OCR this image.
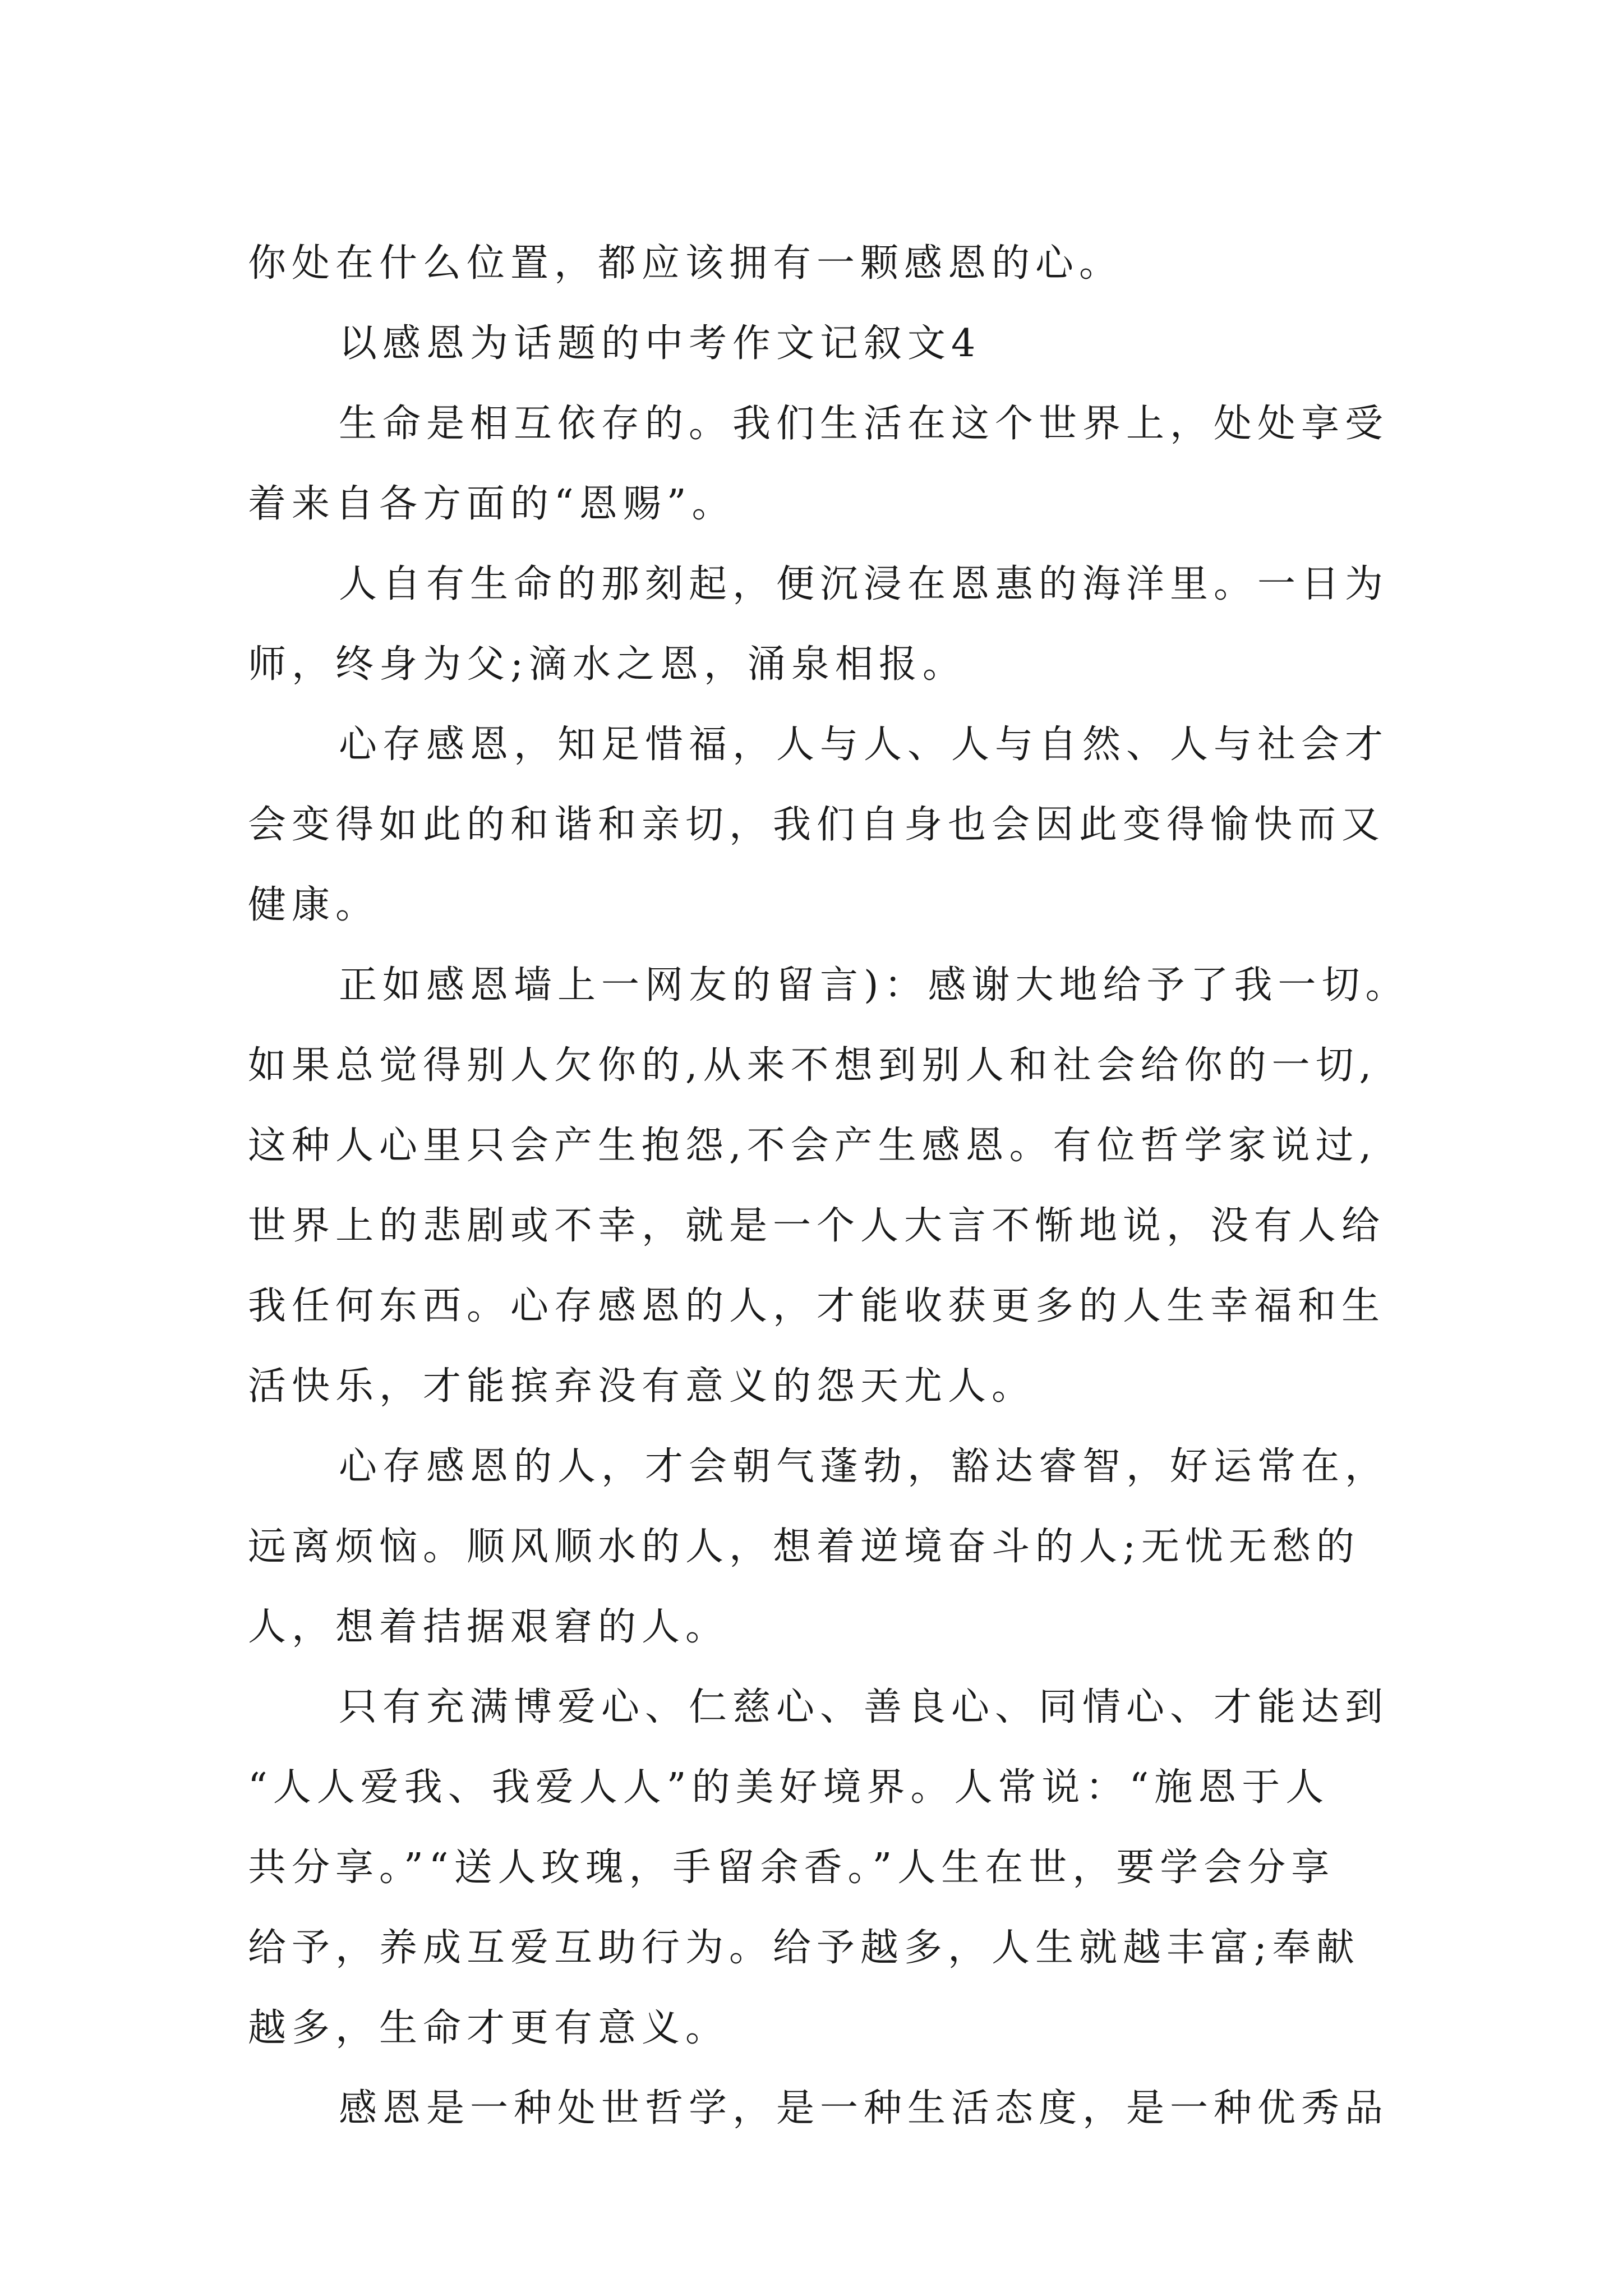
你处在什么位置，都应该拥有一颗感恩的心。
以感恩为话题的中考作文记叙文4
生命是相互依存的。我们生活在这个世界上，处处享受
着来自各方面的“恩赐”。
人自有生命的那刻起，便沉浸在恩惠的海洋里。一日为
师，终身为父;滴水之恩，涌泉相报。
心存感恩，知足惜福，人与人、人与自然、人与社会才
会变得如此的和谐和亲切，我们自身也会因此变得愉快而又
健康。
正如感恩墙上一网友的留言)：感谢大地给予了我一切。
如果总觉得别人欠你的,从来不想到别人和社会给你的一切,
这种人心里只会产生抱怨,不会产生感恩。有位哲学家说过,
世界上的悲剧或不幸，就是一个人大言不惭地说，没有人给
我任何东西。心存感恩的人，才能收获更多的人生幸福和生
活快乐，才能摈弃没有意义的怨天尤人。
心存感恩的人，才会朝气蓬勃，豁达睿智，好运常在，
远离烦恼。顺风顺水的人，想着逆境奋斗的人;无忧无愁的
人，想着拮据艰窘的人。
只有充满博爱心、仁慈心、善良心、同情心、才能达到
“人人爱我、我爱人人”的美好境界。人常说：“施恩于人
共分享。”“送人玫瑰，手留余香。”人生在世，要学会分享
给予，养成互爱互助行为。给予越多，人生就越丰富;奉献
越多，生命才更有意义。
感恩是一种处世哲学，是一种生活态度，是一种优秀品
